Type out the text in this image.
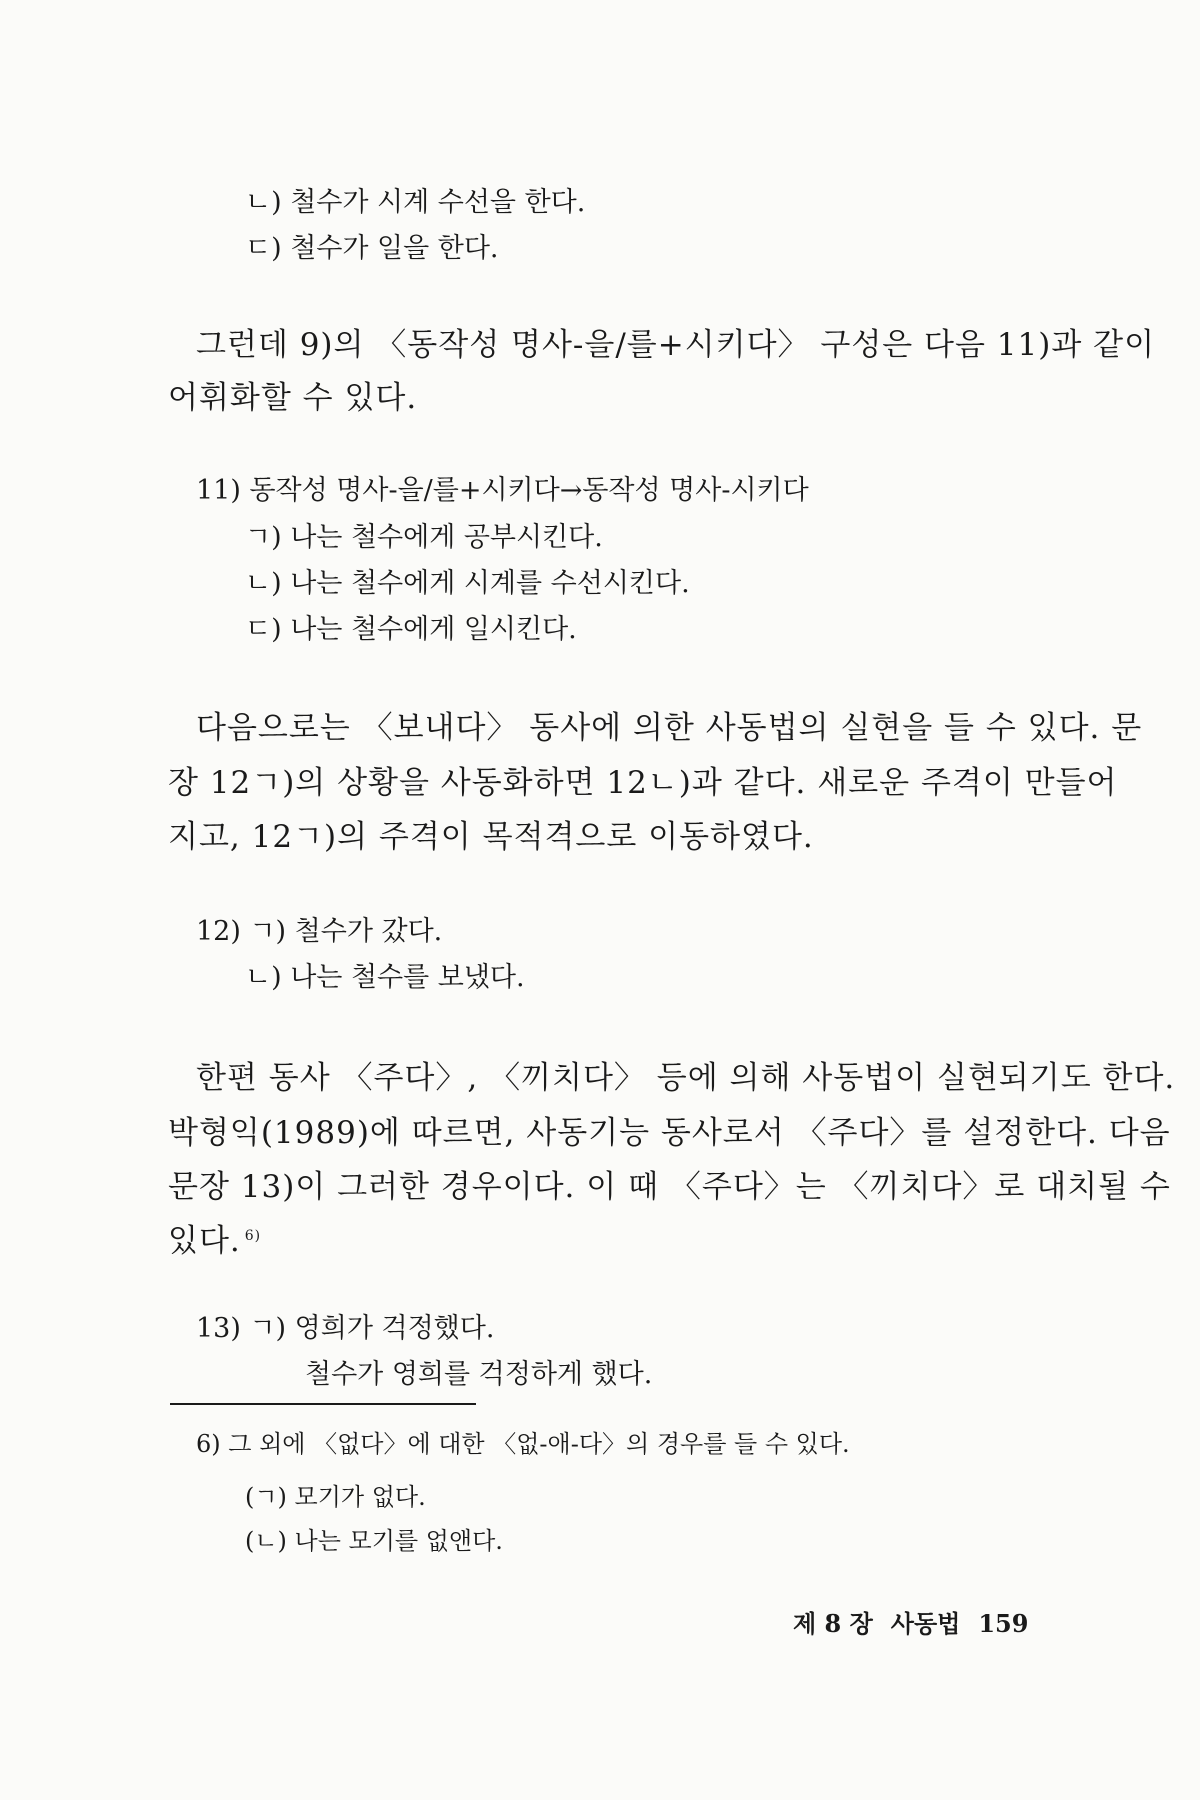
ㄴ) 철수가 시계 수선을 한다.
ㄷ) 철수가 일을 한다.
그런데 9)의 〈동작성 명사-을/를+시키다〉 구성은 다음 11)과 같이
어휘화할 수 있다.
11) 동작성 명사-을/를+시키다→동작성 명사-시키다
ㄱ) 나는 철수에게 공부시킨다.
ㄴ) 나는 철수에게 시계를 수선시킨다.
ㄷ) 나는 철수에게 일시킨다.
다음으로는 〈보내다〉 동사에 의한 사동법의 실현을 들 수 있다. 문
장 12ㄱ)의 상황을 사동화하면 12ㄴ)과 같다. 새로운 주격이 만들어
지고, 12ㄱ)의 주격이 목적격으로 이동하였다.
12) ㄱ) 철수가 갔다.
ㄴ) 나는 철수를 보냈다.
한편 동사 〈주다〉, 〈끼치다〉 등에 의해 사동법이 실현되기도 한다.
박형익(1989)에 따르면, 사동기능 동사로서 〈주다〉를 설정한다. 다음
문장 13)이 그러한 경우이다. 이 때 〈주다〉는 〈끼치다〉로 대치될 수
있다. $^{6)}$
13) ㄱ) 영희가 걱정했다.
철수가 영희를 걱정하게 했다.
6) 그 외에 〈없다〉에 대한 〈없-애-다〉의 경우를 들 수 있다.
(ㄱ) 모기가 없다.
(ㄴ) 나는 모기를 없앤다.
제 8 장 사동법 159
